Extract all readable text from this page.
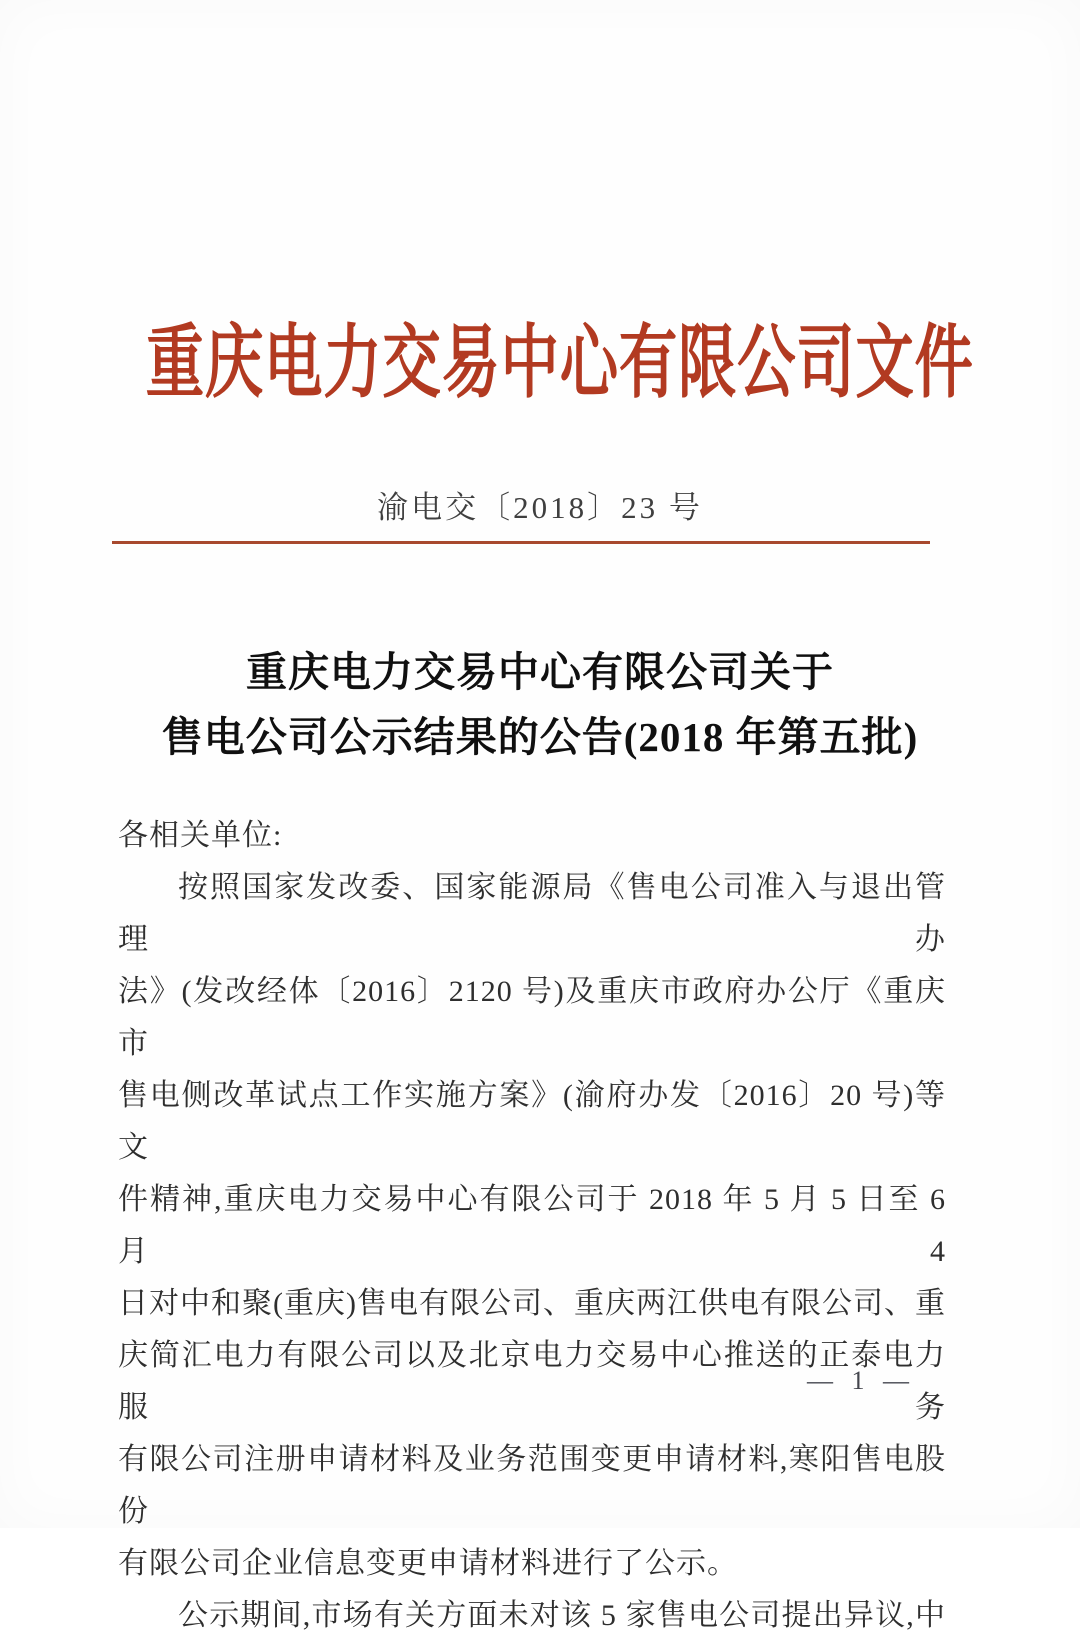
重庆电力交易中心有限公司文件
渝电交〔2018〕23 号
重庆电力交易中心有限公司关于
售电公司公示结果的公告(2018 年第五批)
各相关单位:
按照国家发改委、国家能源局《售电公司准入与退出管理办
法》(发改经体〔2016〕2120 号)及重庆市政府办公厅《重庆市
售电侧改革试点工作实施方案》(渝府办发〔2016〕20 号)等文
件精神,重庆电力交易中心有限公司于 2018 年 5 月 5 日至 6 月 4
日对中和聚(重庆)售电有限公司、重庆两江供电有限公司、重
庆简汇电力有限公司以及北京电力交易中心推送的正泰电力服务
有限公司注册申请材料及业务范围变更申请材料,寒阳售电股份
有限公司企业信息变更申请材料进行了公示。
公示期间,市场有关方面未对该 5 家售电公司提出异议,中
— 1 —
